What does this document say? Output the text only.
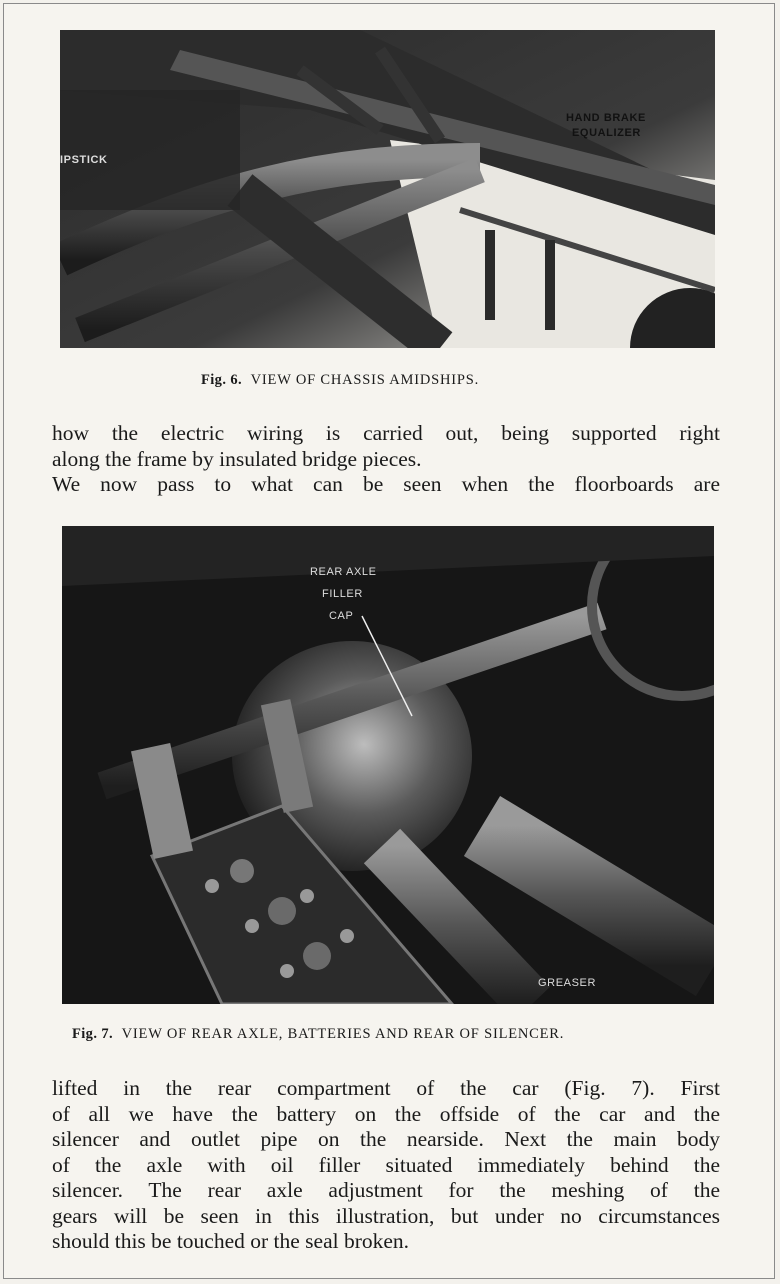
HAND BRAKE
EQUALIZER
IPSTICK
Fig. 6. VIEW OF CHASSIS AMIDSHIPS.
how the electric wiring is carried out, being supported right
along the frame by insulated bridge pieces.
We now pass to what can be seen when the floorboards are
REAR AXLE
FILLER
CAP
GREASER
Fig. 7. VIEW OF REAR AXLE, BATTERIES AND REAR OF SILENCER.
lifted in the rear compartment of the car (Fig. 7). First
of all we have the battery on the offside of the car and the
silencer and outlet pipe on the nearside. Next the main body
of the axle with oil filler situated immediately behind the
silencer. The rear axle adjustment for the meshing of the
gears will be seen in this illustration, but under no circumstances
should this be touched or the seal broken.
